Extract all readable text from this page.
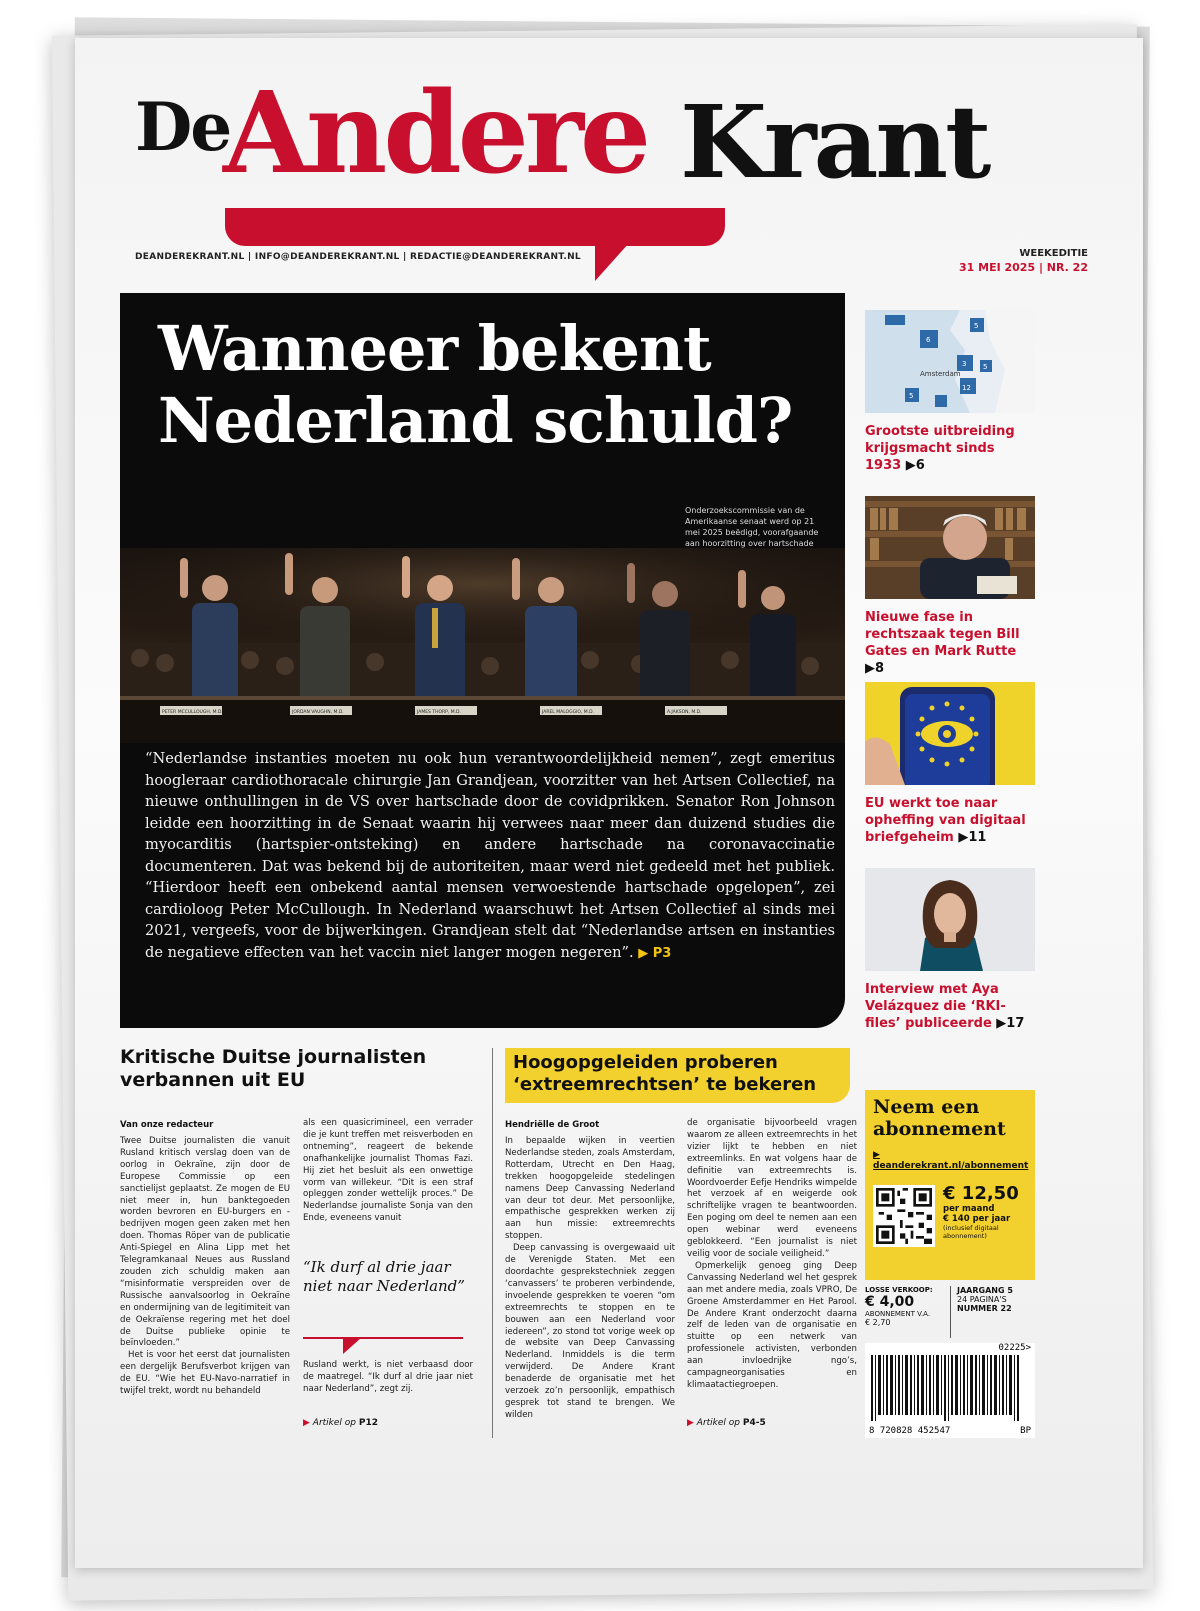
De
Andere Krant
DEANDEREKRANT.NL | INFO@DEANDEREKRANT.NL | REDACTIE@DEANDEREKRANT.NL	WEEKEDITIE
31 MEI 2025 | NR. 22
Wanneer bekent
Nederland schuld?
Onderzoekscommissie van de Amerikaanse senaat werd op 21 mei 2025 beëdigd, voorafgaande aan hoorzitting over hartschade
PETER MCCULLOUGH, M.D.	JORDAN VAUGHN, M.D.	JAMES THORP, M.D.	JAREL MALOGGIO, M.D.	A.JAKSON, M.D.
“Nederlandse instanties moeten nu ook hun verantwoordelijkheid nemen”, zegt emeritus hoogleraar cardiothoracale chirurgie Jan Grandjean, voorzitter van het Artsen Collectief, na nieuwe onthullingen in de VS over hartschade door de covidprikken. Senator Ron Johnson leidde een hoorzitting in de Senaat waarin hij verwees naar meer dan duizend studies die myocarditis (hartspier-ontsteking) en andere hartschade na coronavaccinatie documenteren. Dat was bekend bij de autoriteiten, maar werd niet gedeeld met het publiek. “Hierdoor heeft een onbekend aantal mensen verwoestende hartschade opgelopen”, zei cardioloog Peter McCullough. In Nederland waarschuwt het Artsen Collectief al sinds mei 2021, vergeefs, voor de bijwerkingen. Grandjean stelt dat “Nederlandse artsen en instanties de negatieve effecten van het vaccin niet langer mogen negeren”. ▶ P3
6
5
3 5
12
5
Amsterdam
Grootste uitbreiding krijgsmacht sinds 1933 ▶6
Nieuwe fase in rechtszaak tegen Bill Gates en Mark Rutte ▶8
EU werkt toe naar opheffing van digitaal briefgeheim ▶11
Interview met Aya Velázquez die ‘RKI-files’ publiceerde ▶17
Kritische Duitse journalisten verbannen uit EU
Van onze redacteur

Twee Duitse journalisten die vanuit Rusland kritisch verslag doen van de oorlog in Oekraïne, zijn door de Europese Commissie op een sanctielijst geplaatst. Ze mogen de EU niet meer in, hun banktegoeden worden bevroren en EU-burgers en -bedrijven mogen geen zaken met hen doen. Thomas Röper van de publicatie Anti-Spiegel en Alina Lipp met het Telegramkanaal Neues aus Russland zouden zich schuldig maken aan “misinformatie verspreiden over de Russische aanvalsoorlog in Oekraïne en ondermijning van de legitimiteit van de Oekraïense regering met het doel de Duitse publieke opinie te beïnvloeden.”

Het is voor het eerst dat journalisten een dergelijk Berufsverbot krijgen van de EU. “Wie het EU-Navo-narratief in twijfel trekt, wordt nu behandeld

als een quasicrimineel, een verrader die je kunt treffen met reisverboden en ontneming”, reageert de bekende onafhankelijke journalist Thomas Fazi. Hij ziet het besluit als een onwettige vorm van willekeur. “Dit is een straf opleggen zonder wettelijk proces.” De Nederlandse journaliste Sonja van den Ende, eveneens vanuit

“Ik durf al drie jaar niet naar Nederland”

Rusland werkt, is niet verbaasd door de maatregel. “Ik durf al drie jaar niet naar Nederland”, zegt zij.

▶ Artikel op P12
Hoogopgeleiden proberen ‘extreemrechtsen’ te bekeren
Hendriëlle de Groot

In bepaalde wijken in veertien Nederlandse steden, zoals Amsterdam, Rotterdam, Utrecht en Den Haag, trekken hoogopgeleide stedelingen namens Deep Canvassing Nederland van deur tot deur. Met persoonlijke, empathische gesprekken werken zij aan hun missie: extreemrechts stoppen.

Deep canvassing is overgewaaid uit de Verenigde Staten. Met een doordachte gesprekstechniek zeggen ‘canvassers’ te proberen verbindende, invoelende gesprekken te voeren “om extreemrechts te stoppen en te bouwen aan een Nederland voor iedereen”, zo stond tot vorige week op de website van Deep Canvassing Nederland. Inmiddels is die term verwijderd. De Andere Krant benaderde de organisatie met het verzoek zo’n persoonlijk, empathisch gesprek tot stand te brengen. We wilden

de organisatie bijvoorbeeld vragen waarom ze alleen extreemrechts in het vizier lijkt te hebben en niet extreemlinks. En wat volgens haar de definitie van extreemrechts is. Woordvoerder Eefje Hendriks wimpelde het verzoek af en weigerde ook schriftelijke vragen te beantwoorden. Een poging om deel te nemen aan een open webinar werd eveneens geblokkeerd. “Een journalist is niet veilig voor de sociale veiligheid.”

Opmerkelijk genoeg ging Deep Canvassing Nederland wel het gesprek aan met andere media, zoals VPRO, De Groene Amsterdammer en Het Parool. De Andere Krant onderzocht daarna zelf de leden van de organisatie en stuitte op een netwerk van professionele activisten, verbonden aan invloedrijke ngo’s, campagneorganisaties en klimaatactiegroepen.

▶ Artikel op P4-5
Neem een abonnement
▶ deanderekrant.nl/abonnement
€ 12,50
per maand
€ 140 per jaar
(inclusief digitaal abonnement)
LOSSE VERKOOP:
€ 4,00
ABONNEMENT V.A.
€ 2,70
JAARGANG 5
24 PAGINA'S
NUMMER 22
02225>
8 720828 452547	BP
